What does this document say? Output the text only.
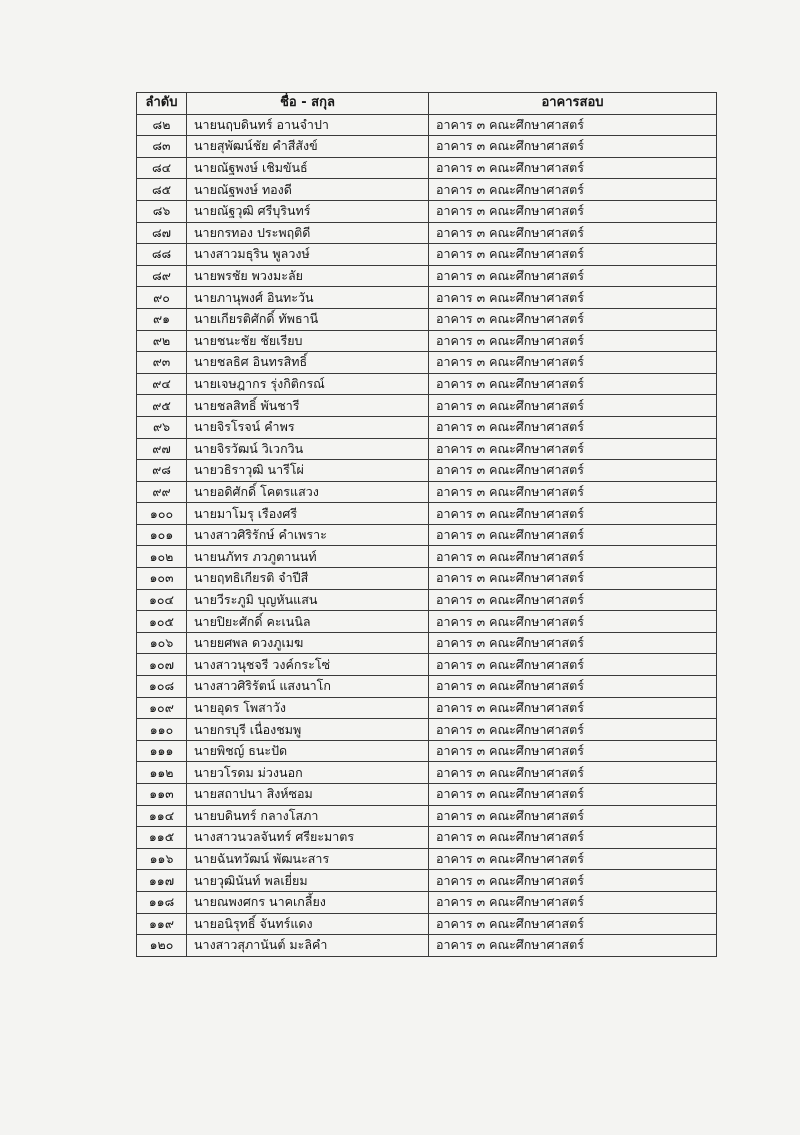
ลำดับ	ชื่อ - สกุล	อาคารสอบ
๘๒	นายนฤบดินทร์ อานจำปา	อาคาร ๓ คณะศึกษาศาสตร์
๘๓	นายสุพัฒน์ชัย คำสีสังข์	อาคาร ๓ คณะศึกษาศาสตร์
๘๔	นายณัฐพงษ์ เชิมขันธ์	อาคาร ๓ คณะศึกษาศาสตร์
๘๕	นายณัฐพงษ์ ทองดี	อาคาร ๓ คณะศึกษาศาสตร์
๘๖	นายณัฐวุฒิ ศรีบุรินทร์	อาคาร ๓ คณะศึกษาศาสตร์
๘๗	นายกรทอง ประพฤติดี	อาคาร ๓ คณะศึกษาศาสตร์
๘๘	นางสาวมธุริน พูลวงษ์	อาคาร ๓ คณะศึกษาศาสตร์
๘๙	นายพรชัย พวงมะลัย	อาคาร ๓ คณะศึกษาศาสตร์
๙๐	นายภานุพงศ์ อินทะวัน	อาคาร ๓ คณะศึกษาศาสตร์
๙๑	นายเกียรติศักดิ์ ทัพธานี	อาคาร ๓ คณะศึกษาศาสตร์
๙๒	นายชนะชัย ชัยเรียบ	อาคาร ๓ คณะศึกษาศาสตร์
๙๓	นายชลธิศ อินทรสิทธิ์	อาคาร ๓ คณะศึกษาศาสตร์
๙๔	นายเจษฎากร รุ่งกิติกรณ์	อาคาร ๓ คณะศึกษาศาสตร์
๙๕	นายชลสิทธิ์ พันชารี	อาคาร ๓ คณะศึกษาศาสตร์
๙๖	นายจิรโรจน์ คำพร	อาคาร ๓ คณะศึกษาศาสตร์
๙๗	นายจิรวัฒน์ วิเวกวิน	อาคาร ๓ คณะศึกษาศาสตร์
๙๘	นายวธิราวุฒิ นารีโผ่	อาคาร ๓ คณะศึกษาศาสตร์
๙๙	นายอดิศักดิ์ โคตรแสวง	อาคาร ๓ คณะศึกษาศาสตร์
๑๐๐	นายมาโมรุ เรืองศรี	อาคาร ๓ คณะศึกษาศาสตร์
๑๐๑	นางสาวศิริรักษ์ คำเพราะ	อาคาร ๓ คณะศึกษาศาสตร์
๑๐๒	นายนภัทร ภวภูตานนท์	อาคาร ๓ คณะศึกษาศาสตร์
๑๐๓	นายฤทธิเกียรติ จำปีสี	อาคาร ๓ คณะศึกษาศาสตร์
๑๐๔	นายวีระภูมิ บุญหันแสน	อาคาร ๓ คณะศึกษาศาสตร์
๑๐๕	นายปิยะศักดิ์ คะเนนิล	อาคาร ๓ คณะศึกษาศาสตร์
๑๐๖	นายยศพล ดวงภูเมฆ	อาคาร ๓ คณะศึกษาศาสตร์
๑๐๗	นางสาวนุชจรี วงค์กระโซ่	อาคาร ๓ คณะศึกษาศาสตร์
๑๐๘	นางสาวศิริรัตน์ แสงนาโก	อาคาร ๓ คณะศึกษาศาสตร์
๑๐๙	นายอุดร โพสาวัง	อาคาร ๓ คณะศึกษาศาสตร์
๑๑๐	นายกรบุรี เนื่องชมพู	อาคาร ๓ คณะศึกษาศาสตร์
๑๑๑	นายพิชญ์ ธนะปัด	อาคาร ๓ คณะศึกษาศาสตร์
๑๑๒	นายวโรดม ม่วงนอก	อาคาร ๓ คณะศึกษาศาสตร์
๑๑๓	นายสถาปนา สิงห์ซอม	อาคาร ๓ คณะศึกษาศาสตร์
๑๑๔	นายบดินทร์ กลางโสภา	อาคาร ๓ คณะศึกษาศาสตร์
๑๑๕	นางสาวนวลจันทร์ ศรียะมาตร	อาคาร ๓ คณะศึกษาศาสตร์
๑๑๖	นายฉันทวัฒน์ พัฒนะสาร	อาคาร ๓ คณะศึกษาศาสตร์
๑๑๗	นายวุฒินันท์ พลเยี่ยม	อาคาร ๓ คณะศึกษาศาสตร์
๑๑๘	นายณพงศกร นาคเกลี้ยง	อาคาร ๓ คณะศึกษาศาสตร์
๑๑๙	นายอนิรุทธิ์ จันทร์แดง	อาคาร ๓ คณะศึกษาศาสตร์
๑๒๐	นางสาวสุภานันต์ มะลิคำ	อาคาร ๓ คณะศึกษาศาสตร์
